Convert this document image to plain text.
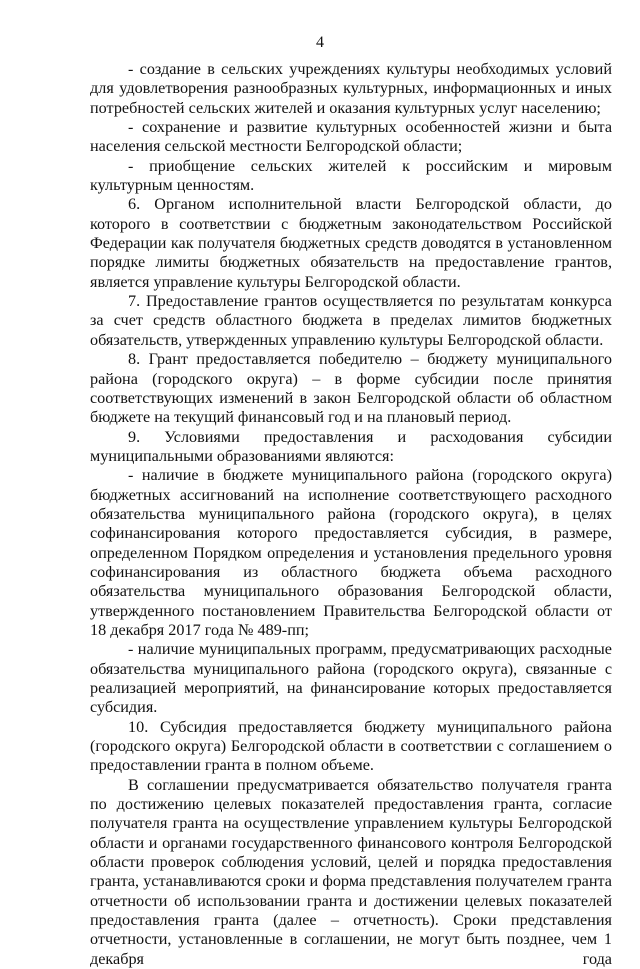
4

- создание в сельских учреждениях культуры необходимых условий для удовлетворения разнообразных культурных, информационных и иных потребностей сельских жителей и оказания культурных услуг населению;

- сохранение и развитие культурных особенностей жизни и быта населения сельской местности Белгородской области;

- приобщение сельских жителей к российским и мировым культурным ценностям.

6. Органом исполнительной власти Белгородской области, до которого в соответствии с бюджетным законодательством Российской Федерации как получателя бюджетных средств доводятся в установленном порядке лимиты бюджетных обязательств на предоставление грантов, является управление культуры Белгородской области.

7. Предоставление грантов осуществляется по результатам конкурса за счет средств областного бюджета в пределах лимитов бюджетных обязательств, утвержденных управлению культуры Белгородской области.

8. Грант предоставляется победителю – бюджету муниципального района (городского округа) – в форме субсидии после принятия соответствующих изменений в закон Белгородской области об областном бюджете на текущий финансовый год и на плановый период.

9. Условиями предоставления и расходования субсидии муниципальными образованиями являются:

- наличие в бюджете муниципального района (городского округа) бюджетных ассигнований на исполнение соответствующего расходного обязательства муниципального района (городского округа), в целях софинансирования которого предоставляется субсидия, в размере, определенном Порядком определения и установления предельного уровня софинансирования из областного бюджета объема расходного обязательства муниципального образования Белгородской области, утвержденного постановлением Правительства Белгородской области от 18 декабря 2017 года № 489-пп;

- наличие муниципальных программ, предусматривающих расходные обязательства муниципального района (городского округа), связанные с реализацией мероприятий, на финансирование которых предоставляется субсидия.

10. Субсидия предоставляется бюджету муниципального района (городского округа) Белгородской области в соответствии с соглашением о предоставлении гранта в полном объеме.

В соглашении предусматривается обязательство получателя гранта по достижению целевых показателей предоставления гранта, согласие получателя гранта на осуществление управлением культуры Белгородской области и органами государственного финансового контроля Белгородской области проверок соблюдения условий, целей и порядка предоставления гранта, устанавливаются сроки и форма представления получателем гранта отчетности об использовании гранта и достижении целевых показателей предоставления гранта (далее – отчетность). Сроки представления отчетности, установленные в соглашении, не могут быть позднее, чем 1 декабря года
